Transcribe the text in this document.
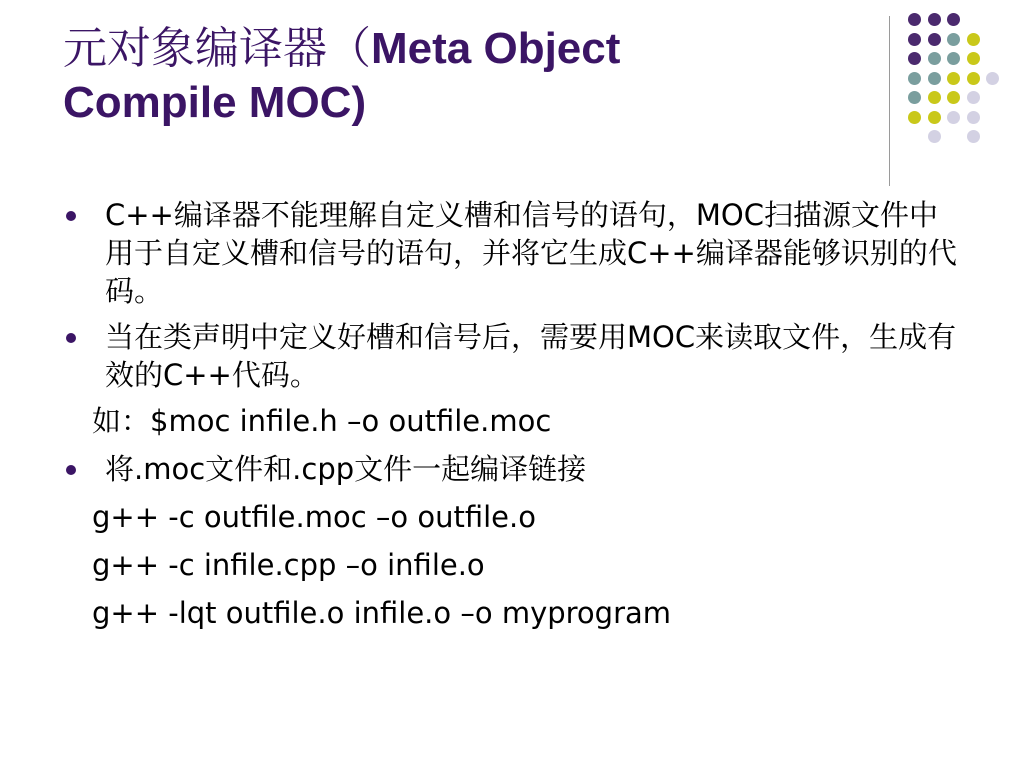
元对象编译器（Meta Object
Compile MOC)
C++编译器不能理解自定义槽和信号的语句，MOC扫描源文件中用于自定义槽和信号的语句，并将它生成C++编译器能够识别的代码。
当在类声明中定义好槽和信号后，需要用MOC来读取文件，生成有效的C++代码。
如：$moc infile.h –o outfile.moc
将.moc文件和.cpp文件一起编译链接
g++ -c outfile.moc –o outfile.o
g++ -c infile.cpp –o infile.o
g++ -lqt outfile.o infile.o –o myprogram
